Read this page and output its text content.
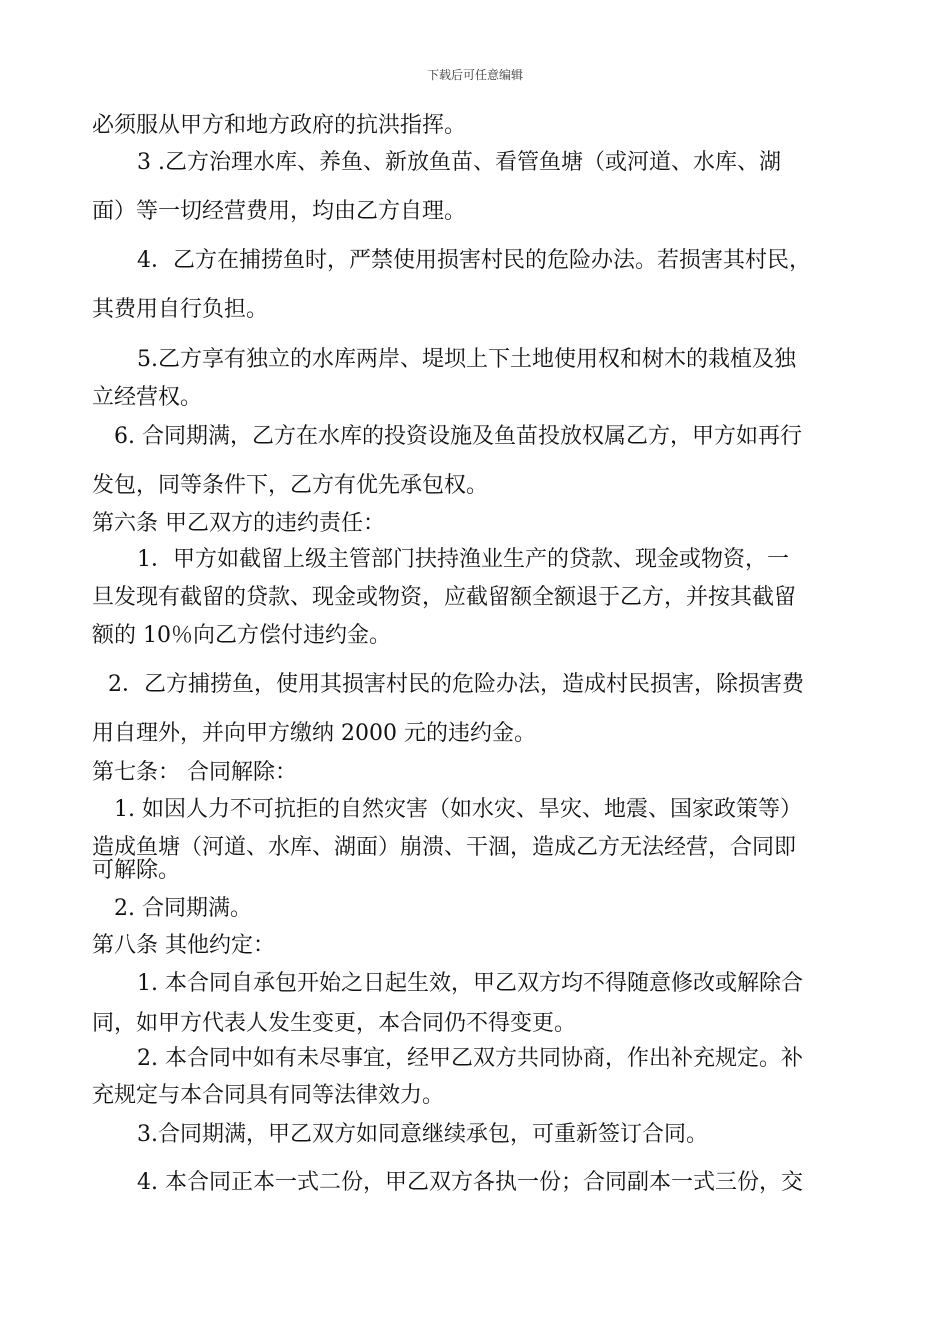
下载后可任意编辑
必须服从甲方和地方政府的抗洪指挥。
3 .乙方治理水库、养鱼、新放鱼苗、看管鱼塘（或河道、水库、湖
面）等一切经营费用，均由乙方自理。
4．乙方在捕捞鱼时，严禁使用损害村民的危险办法。若损害其村民，
其费用自行负担。
5.乙方享有独立的水库两岸、堤坝上下土地使用权和树木的栽植及独
立经营权。
6. 合同期满，乙方在水库的投资设施及鱼苗投放权属乙方，甲方如再行
发包，同等条件下，乙方有优先承包权。
第六条 甲乙双方的违约责任：
1．甲方如截留上级主管部门扶持渔业生产的贷款、现金或物资，一
旦发现有截留的贷款、现金或物资，应截留额全额退于乙方，并按其截留
额的 10％向乙方偿付违约金。
2．乙方捕捞鱼，使用其损害村民的危险办法，造成村民损害，除损害费
用自理外，并向甲方缴纳 2000 元的违约金。
第七条： 合同解除：
1. 如因人力不可抗拒的自然灾害（如水灾、旱灾、地震、国家政策等）
造成鱼塘（河道、水库、湖面）崩溃、干涸，造成乙方无法经营，合同即
可解除。
2. 合同期满。
第八条 其他约定：
1. 本合同自承包开始之日起生效，甲乙双方均不得随意修改或解除合
同，如甲方代表人发生变更，本合同仍不得变更。
2. 本合同中如有未尽事宜，经甲乙双方共同协商，作出补充规定。补
充规定与本合同具有同等法律效力。
3.合同期满，甲乙双方如同意继续承包，可重新签订合同。
4. 本合同正本一式二份，甲乙双方各执一份；合同副本一式三份，交
